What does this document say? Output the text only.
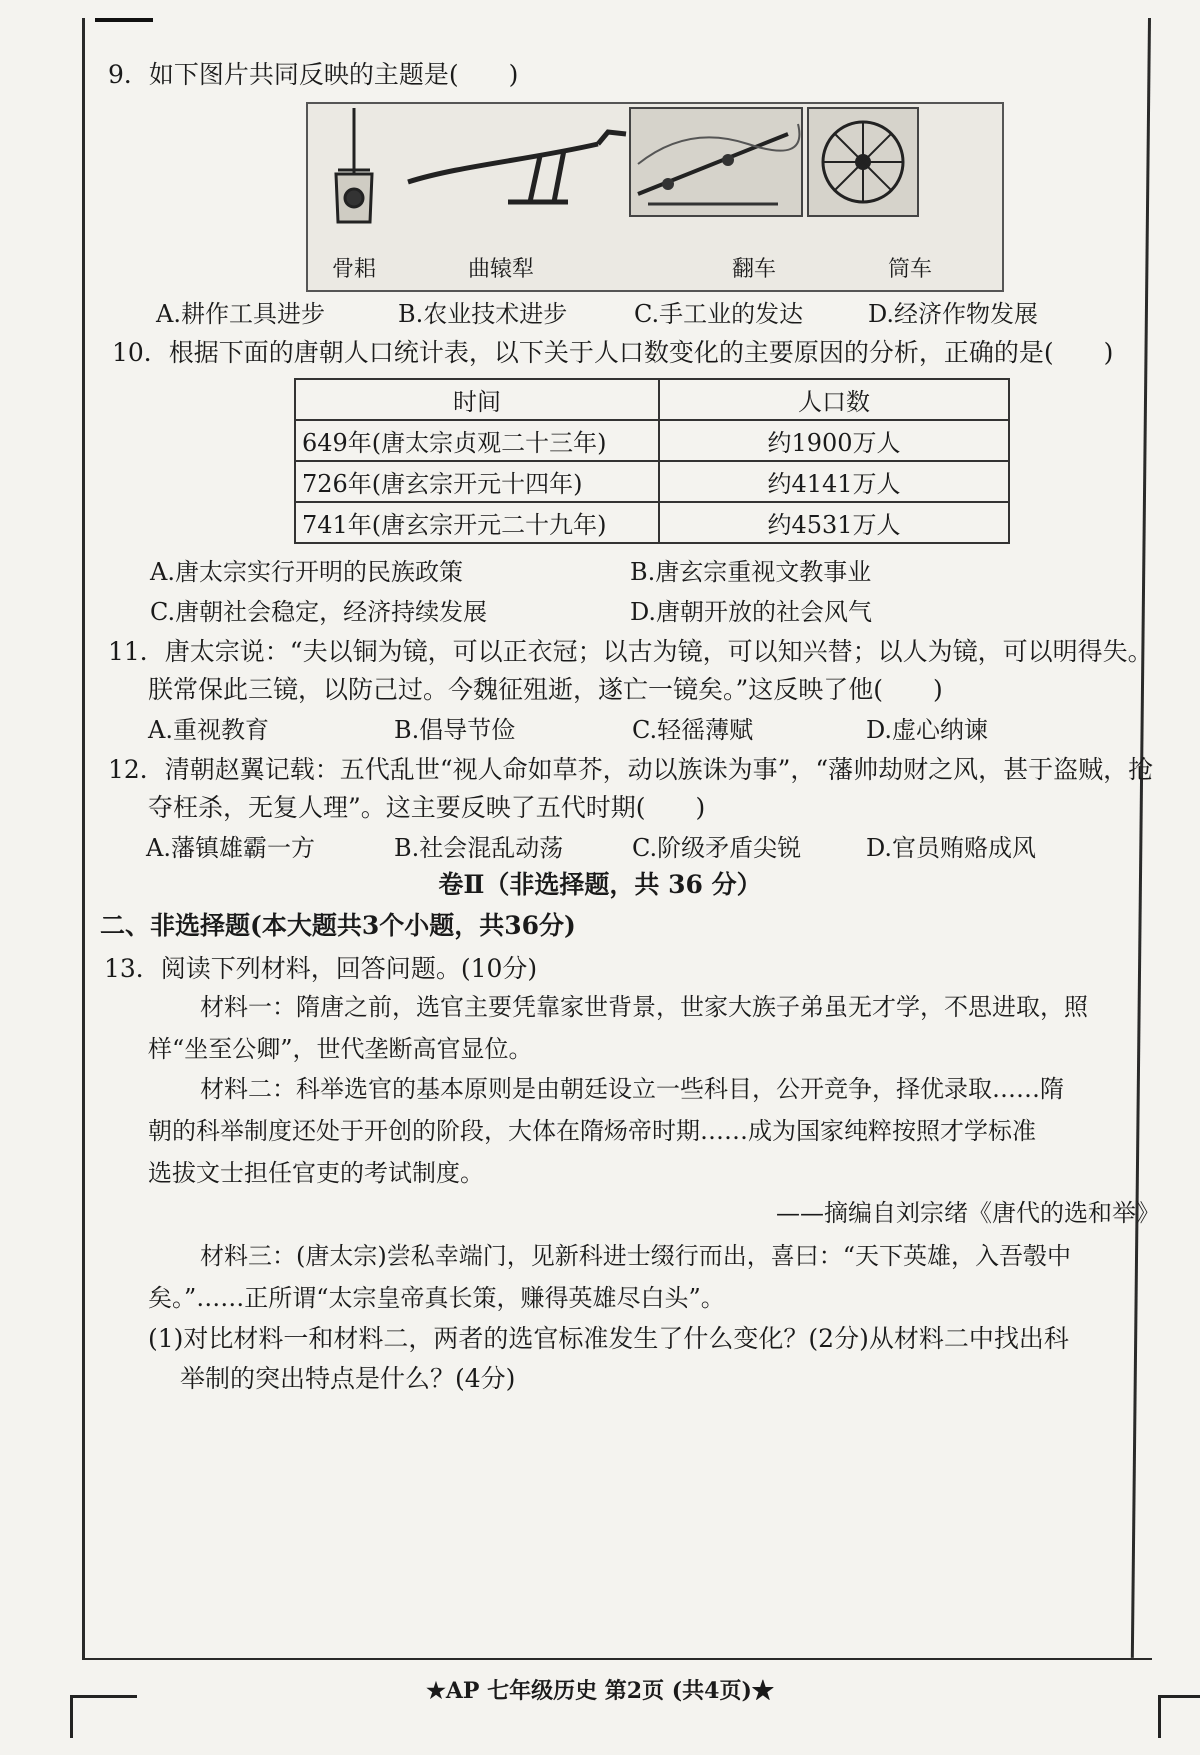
9．如下图片共同反映的主题是(　　)
骨耜	曲辕犁	翻车	筒车
A.耕作工具进步	B.农业技术进步	C.手工业的发达	D.经济作物发展
10．根据下面的唐朝人口统计表，以下关于人口数变化的主要原因的分析，正确的是(　　)
时间	人口数
649年(唐太宗贞观二十三年)	约1900万人
726年(唐玄宗开元十四年)	约4141万人
741年(唐玄宗开元二十九年)	约4531万人
A.唐太宗实行开明的民族政策	B.唐玄宗重视文教事业
C.唐朝社会稳定，经济持续发展	D.唐朝开放的社会风气
11．唐太宗说：“夫以铜为镜，可以正衣冠；以古为镜，可以知兴替；以人为镜，可以明得失。
朕常保此三镜，以防己过。今魏征殂逝，遂亡一镜矣。”这反映了他(　　)
A.重视教育	B.倡导节俭	C.轻徭薄赋	D.虚心纳谏
12．清朝赵翼记载：五代乱世“视人命如草芥，动以族诛为事”，“藩帅劫财之风，甚于盗贼，抢
夺枉杀，无复人理”。这主要反映了五代时期(　　)
A.藩镇雄霸一方	B.社会混乱动荡	C.阶级矛盾尖锐	D.官员贿赂成风
卷Ⅱ（非选择题，共 36 分）
二、非选择题(本大题共3个小题，共36分)
13．阅读下列材料，回答问题。(10分)
材料一：隋唐之前，选官主要凭靠家世背景，世家大族子弟虽无才学，不思进取，照
样“坐至公卿”，世代垄断高官显位。
材料二：科举选官的基本原则是由朝廷设立一些科目，公开竞争，择优录取……隋
朝的科举制度还处于开创的阶段，大体在隋炀帝时期……成为国家纯粹按照才学标准
选拔文士担任官吏的考试制度。
——摘编自刘宗绪《唐代的选和举》
材料三：(唐太宗)尝私幸端门，见新科进士缀行而出，喜曰：“天下英雄，入吾彀中
矣。”……正所谓“太宗皇帝真长策，赚得英雄尽白头”。
(1)对比材料一和材料二，两者的选官标准发生了什么变化？(2分)从材料二中找出科
举制的突出特点是什么？(4分)
★AP 七年级历史 第2页 (共4页)★
